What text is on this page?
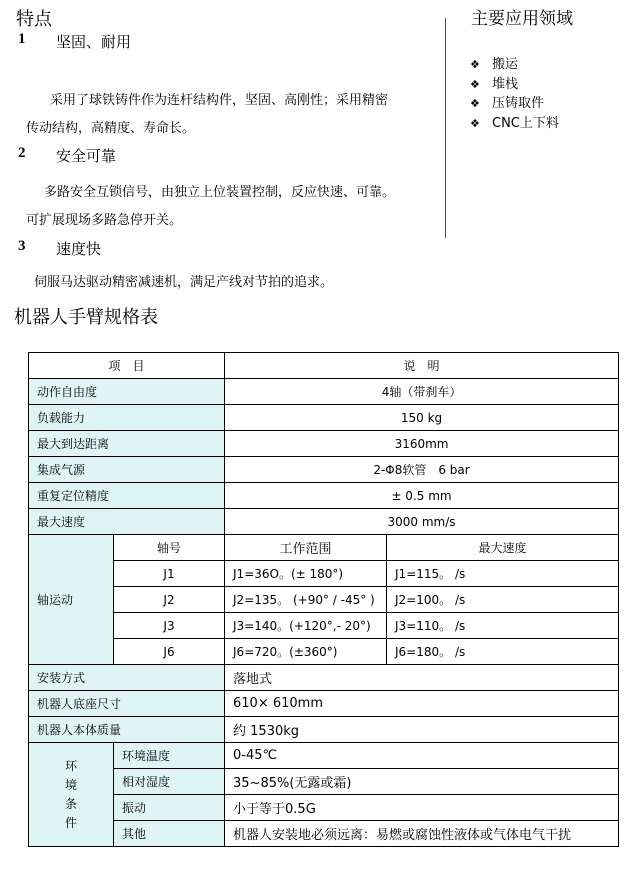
特点
1 坚固、耐用
采用了球铁铸件作为连杆结构件，坚固、高刚性；采用精密
传动结构，高精度、寿命长。
2 安全可靠
多路安全互锁信号，由独立上位装置控制，反应快速、可靠。
可扩展现场多路急停开关。
3 速度快
伺服马达驱动精密减速机，满足产线对节拍的追求。
主要应用领域
❖ 搬运
❖ 堆栈
❖ 压铸取件
❖ CNC上下料
机器人手臂规格表
项　目		说　明	
动作自由度		4轴（带刹车）	
负载能力		150 kg	
最大到达距离		3160mm	
集成气源		2-Φ8软管　6 bar	
重复定位精度		± 0.5 mm	
最大速度		3000 mm/s	
轴运动	轴号	工作范围	最大速度
	J1	J1=36O。(± 180°)	J1=115。 /s
	J2	J2=135。 (+90° / -45° )	J2=100。 /s
	J3	J3=140。(+120°,- 20°)	J3=110。 /s
	J6	J6=720。(±360°)	J6=180。 /s
安装方式		落地式	
机器人底座尺寸		610× 610mm	
机器人本体质量		约 1530kg	

环
境
条
件	环境温度	0-45℃	
	相对湿度	35~85%(无露或霜)	
	振动	小于等于0.5G	
	其他	机器人安装地必须远离：易燃或腐蚀性液体或气体电气干扰	
